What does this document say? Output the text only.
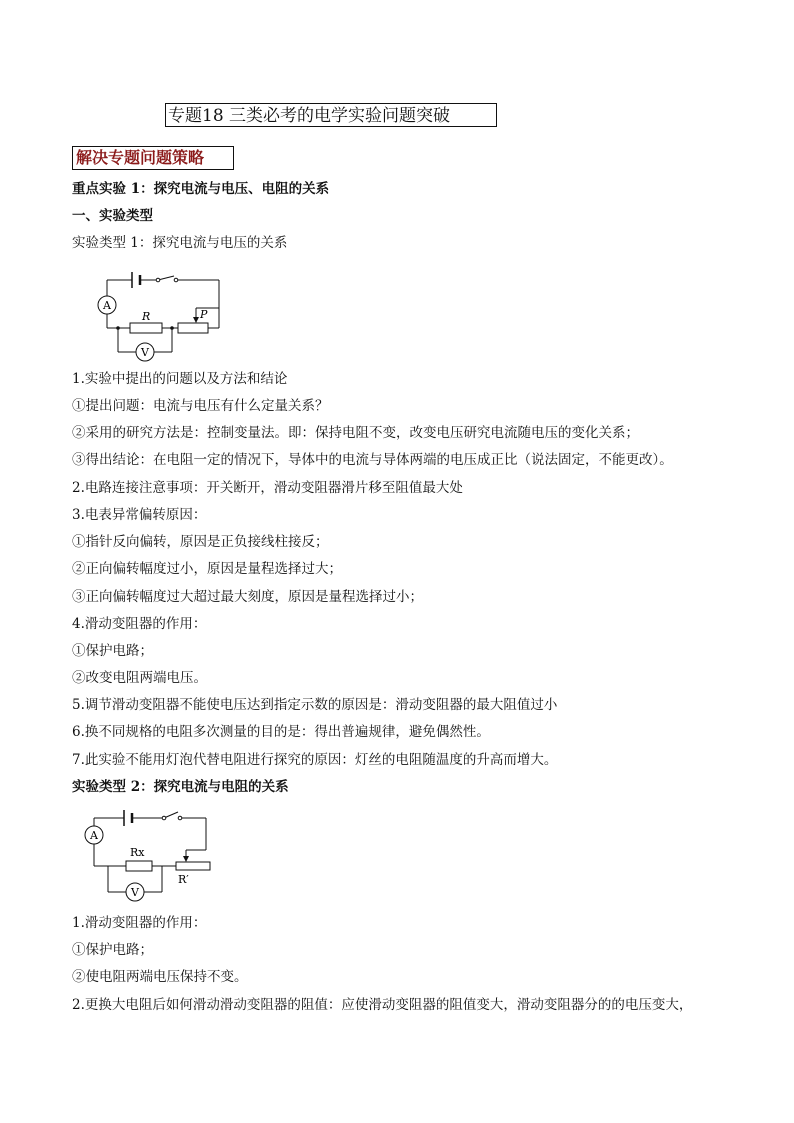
专题18 三类必考的电学实验问题突破
解决专题问题策略
重点实验 1：探究电流与电压、电阻的关系
一、实验类型
实验类型 1：探究电流与电压的关系
A
V
R	P
1.实验中提出的问题以及方法和结论
①提出问题：电流与电压有什么定量关系？
②采用的研究方法是：控制变量法。即：保持电阻不变，改变电压研究电流随电压的变化关系；
③得出结论：在电阻一定的情况下，导体中的电流与导体两端的电压成正比（说法固定，不能更改）。
2.电路连接注意事项：开关断开，滑动变阻器滑片移至阻值最大处
3.电表异常偏转原因：
①指针反向偏转，原因是正负接线柱接反；
②正向偏转幅度过小，原因是量程选择过大；
③正向偏转幅度过大超过最大刻度，原因是量程选择过小；
4.滑动变阻器的作用：
①保护电路；
②改变电阻两端电压。
5.调节滑动变阻器不能使电压达到指定示数的原因是：滑动变阻器的最大阻值过小
6.换不同规格的电阻多次测量的目的是：得出普遍规律，避免偶然性。
7.此实验不能用灯泡代替电阻进行探究的原因：灯丝的电阻随温度的升高而增大。
实验类型 2：探究电流与电阻的关系
A
V
Rx
R′
1.滑动变阻器的作用：
①保护电路；
②使电阻两端电压保持不变。
2.更换大电阻后如何滑动滑动变阻器的阻值：应使滑动变阻器的阻值变大，滑动变阻器分的的电压变大，
